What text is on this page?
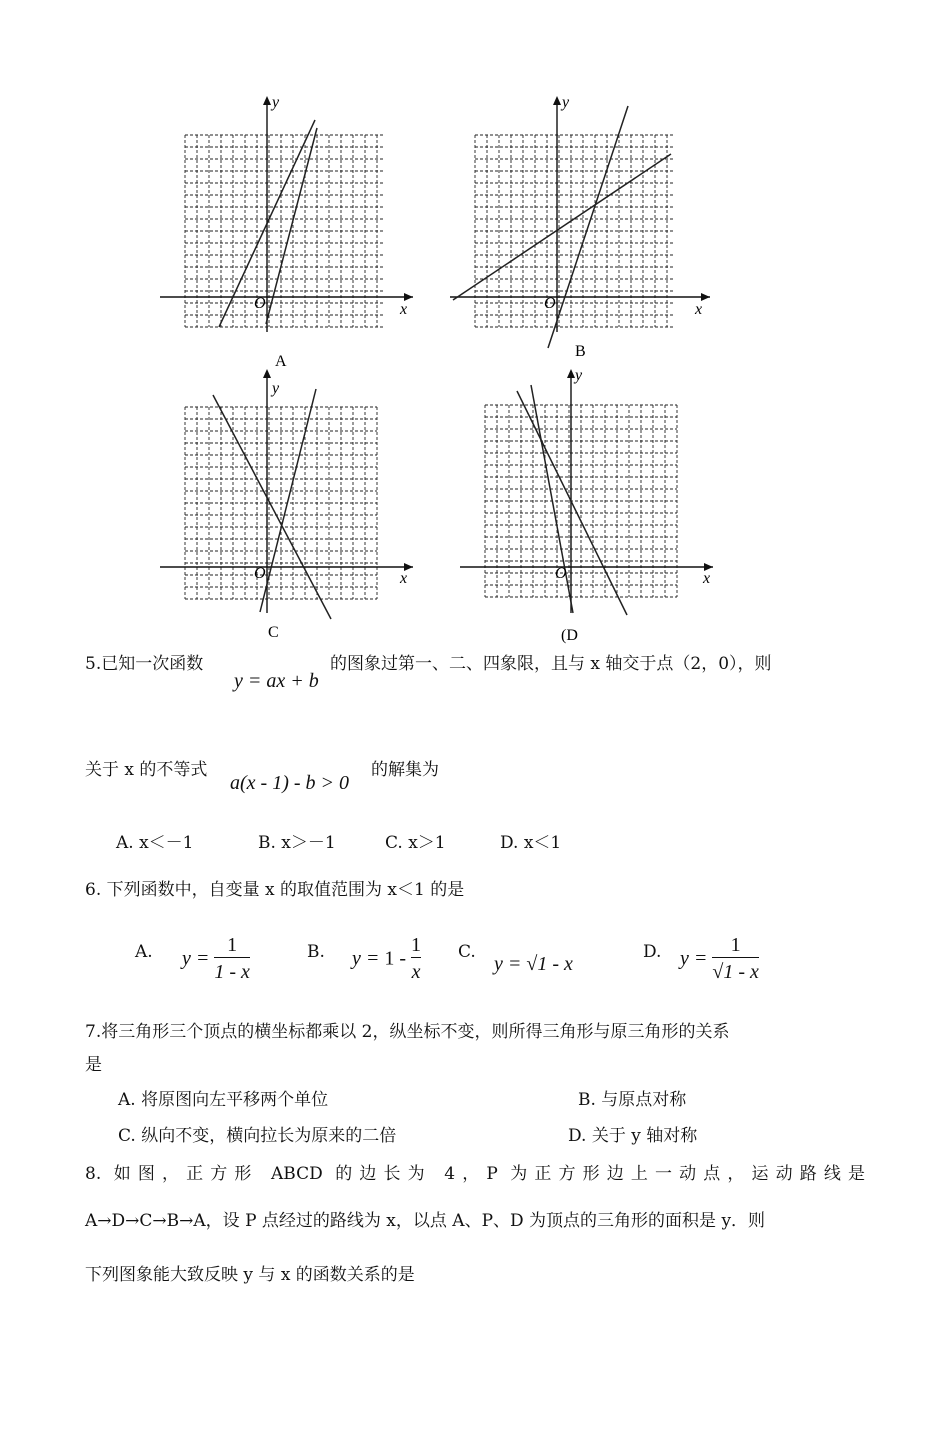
y
x
O
A
y
x
O
B
y
x
O
C
y
x
O
(D
5.已知一次函数
y = ax + b
的图象过第一、二、四象限，且与 x 轴交于点（2，0），则
关于 x 的不等式
a(x - 1) - b > 0
的解集为
A. x＜－1	B. x＞－1	C. x＞1	D. x＜1
6. 下列函数中，自变量 x 的取值范围为 x＜1 的是
A. $y = \frac{1}{1 - x}$	B. $y = 1 - \frac{1}{x} C$.
y = √1 - x
D. $y = \frac{1}{√1 - x}$
7.将三角形三个顶点的横坐标都乘以 2，纵坐标不变，则所得三角形与原三角形的关系
是
A. 将原图向左平移两个单位	B. 与原点对称
C. 纵向不变，横向拉长为原来的二倍	D. 关于 y 轴对称
8. 如图，正方形 ABCD 的边长为 4，P 为正方形边上一动点，运动路线是
A→D→C→B→A，设 P 点经过的路线为 x，以点 A、P、D 为顶点的三角形的面积是 y．则
下列图象能大致反映 y 与 x 的函数关系的是
